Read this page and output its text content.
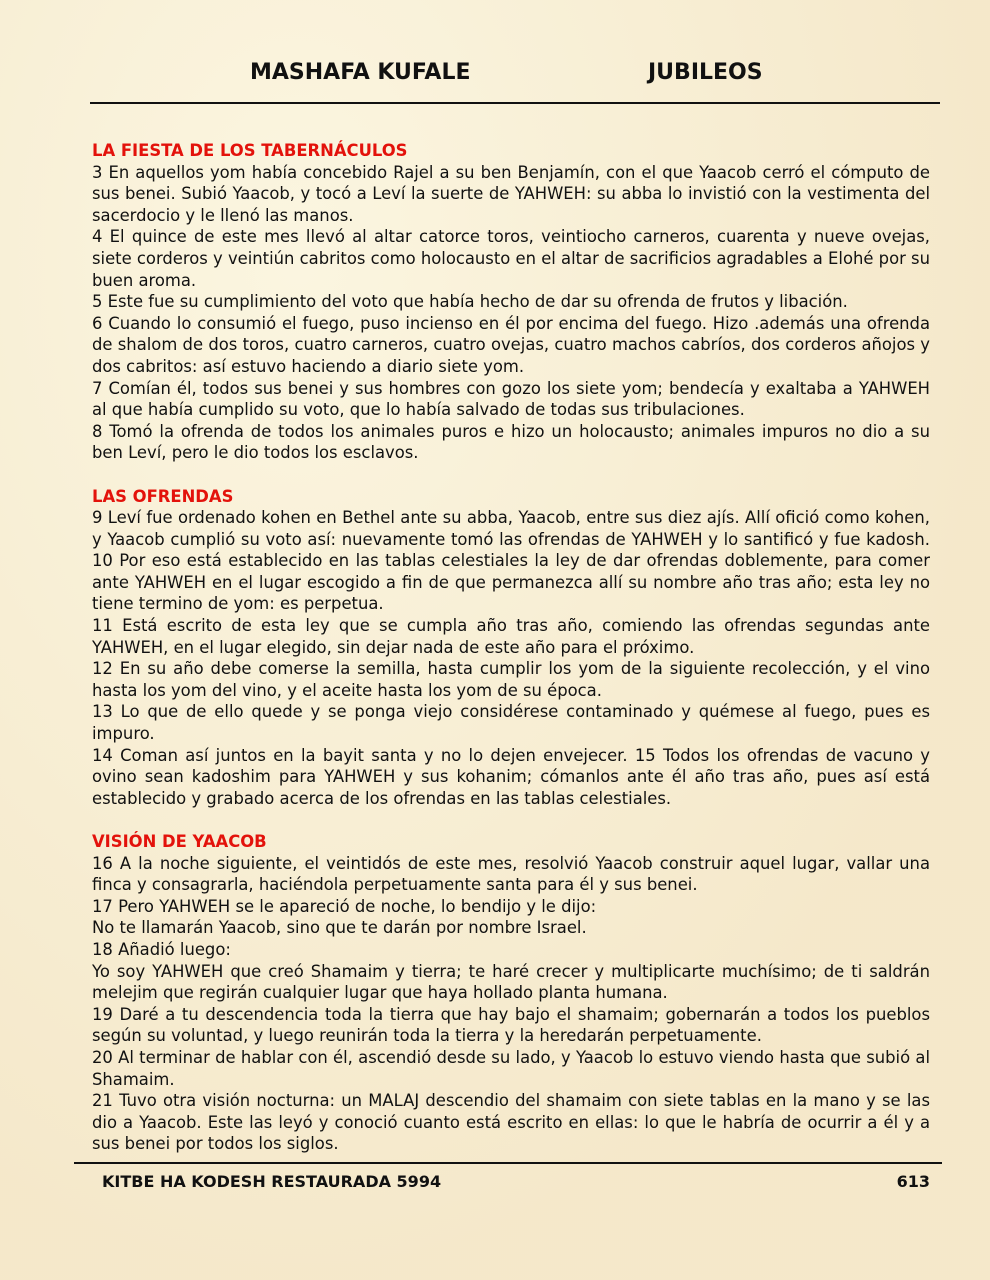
MASHAFA KUFALE	JUBILEOS
LA FIESTA DE LOS TABERNÁCULOS

3 En aquellos yom había concebido Rajel a su ben Benjamín, con el que Yaacob cerró el cómputo de sus benei. Subió Yaacob, y tocó a Leví la suerte de YAHWEH: su abba lo invistió con la vestimenta del sacerdocio y le llenó las manos.

4 El quince de este mes llevó al altar catorce toros, veintiocho carneros, cuarenta y nueve ovejas, siete corderos y veintiún cabritos como holocausto en el altar de sacrificios agradables a Elohé por su buen aroma.

5 Este fue su cumplimiento del voto que había hecho de dar su ofrenda de frutos y libación.

6 Cuando lo consumió el fuego, puso incienso en él por encima del fuego. Hizo .además una ofrenda de shalom de dos toros, cuatro carneros, cuatro ovejas, cuatro machos cabríos, dos corderos añojos y dos cabritos: así estuvo haciendo a diario siete yom.

7 Comían él, todos sus benei y sus hombres con gozo los siete yom; bendecía y exaltaba a YAHWEH al que había cumplido su voto, que lo había salvado de todas sus tribulaciones.

8 Tomó la ofrenda de todos los animales puros e hizo un holocausto; animales impuros no dio a su ben Leví, pero le dio todos los esclavos.

LAS OFRENDAS

9 Leví fue ordenado kohen en Bethel ante su abba, Yaacob, entre sus diez ajís. Allí ofició como kohen, y Yaacob cumplió su voto así: nuevamente tomó las ofrendas de YAHWEH y lo santificó y fue kadosh. 10 Por eso está establecido en las tablas celestiales la ley de dar ofrendas doblemente, para comer ante YAHWEH en el lugar escogido a fin de que permanezca allí su nombre año tras año; esta ley no tiene termino de yom: es perpetua.

11 Está escrito de esta ley que se cumpla año tras año, comiendo las ofrendas segundas ante YAHWEH, en el lugar elegido, sin dejar nada de este año para el próximo.

12 En su año debe comerse la semilla, hasta cumplir los yom de la siguiente recolección, y el vino hasta los yom del vino, y el aceite hasta los yom de su época.

13 Lo que de ello quede y se ponga viejo considérese contaminado y quémese al fuego, pues es impuro.

14 Coman así juntos en la bayit santa y no lo dejen envejecer. 15 Todos los ofrendas de vacuno y ovino sean kadoshim para YAHWEH y sus kohanim; cómanlos ante él año tras año, pues así está establecido y grabado acerca de los ofrendas en las tablas celestiales.

VISIÓN DE YAACOB

16 A la noche siguiente, el veintidós de este mes, resolvió Yaacob construir aquel lugar, vallar una finca y consagrarla, haciéndola perpetuamente santa para él y sus benei.

17 Pero YAHWEH se le apareció de noche, lo bendijo y le dijo:

No te llamarán Yaacob, sino que te darán por nombre Israel.

18 Añadió luego:

Yo soy YAHWEH que creó Shamaim y tierra; te haré crecer y multiplicarte muchísimo; de ti saldrán melejim que regirán cualquier lugar que haya hollado planta humana.

19 Daré a tu descendencia toda la tierra que hay bajo el shamaim; gobernarán a todos los pueblos según su voluntad, y luego reunirán toda la tierra y la heredarán perpetuamente.

20 Al terminar de hablar con él, ascendió desde su lado, y Yaacob lo estuvo viendo hasta que subió al Shamaim.

21 Tuvo otra visión nocturna: un MALAJ descendio del shamaim con siete tablas en la mano y se las dio a Yaacob. Este las leyó y conoció cuanto está escrito en ellas: lo que le habría de ocurrir a él y a sus benei por todos los siglos.

KITBE HA KODESH RESTAURADA 5994	613
